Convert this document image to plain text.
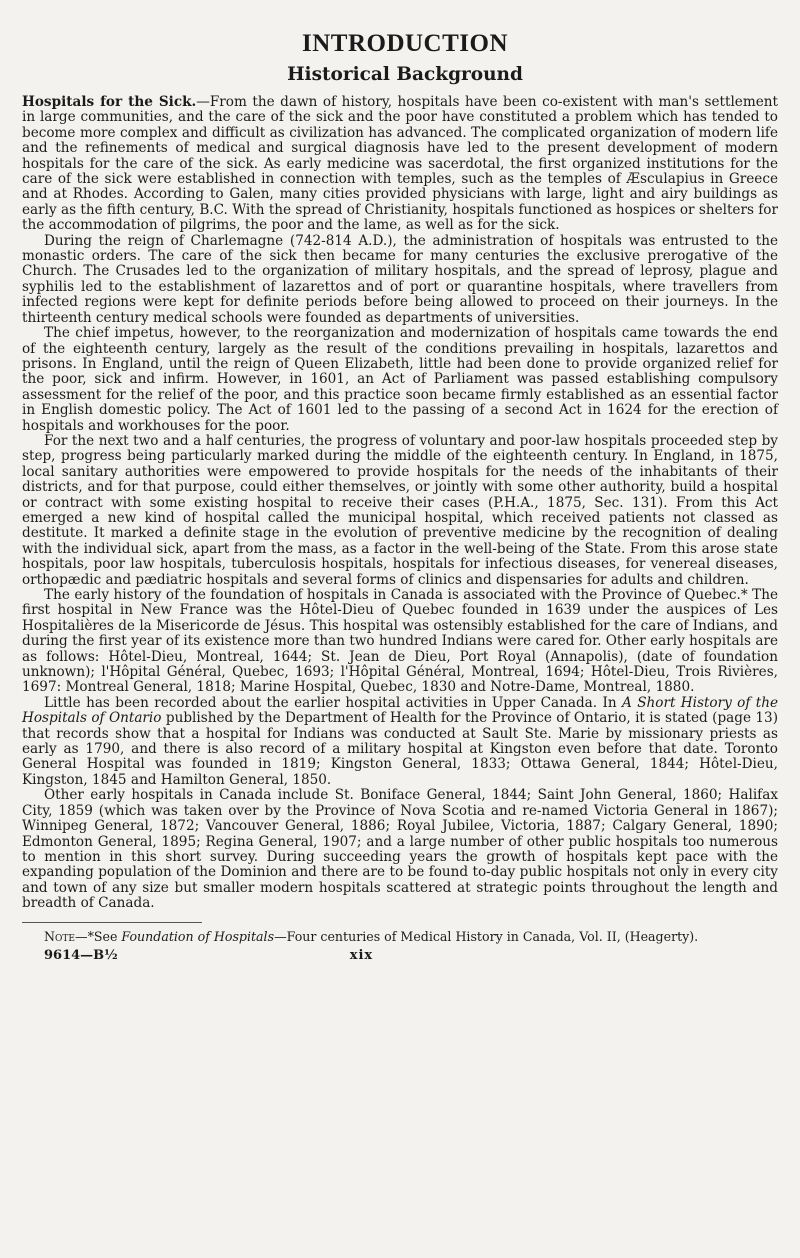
INTRODUCTION
Historical Background

Hospitals for the Sick.—From the dawn of history, hospitals have been co-existent with man's settlement in large communities, and the care of the sick and the poor have constituted a problem which has tended to become more complex and difficult as civilization has advanced. The complicated organization of modern life and the refinements of medical and surgical diagnosis have led to the present development of modern hospitals for the care of the sick. As early medicine was sacerdotal, the first organized institutions for the care of the sick were established in connection with temples, such as the temples of Æsculapius in Greece and at Rhodes. According to Galen, many cities provided physicians with large, light and airy buildings as early as the fifth century, B.C. With the spread of Christianity, hospitals functioned as hospices or shelters for the accommodation of pilgrims, the poor and the lame, as well as for the sick.

During the reign of Charlemagne (742-814 A.D.), the administration of hospitals was entrusted to the monastic orders. The care of the sick then became for many centuries the exclusive prerogative of the Church. The Crusades led to the organization of military hospitals, and the spread of leprosy, plague and syphilis led to the establishment of lazarettos and of port or quarantine hospitals, where travellers from infected regions were kept for definite periods before being allowed to proceed on their journeys. In the thirteenth century medical schools were founded as departments of universities.

The chief impetus, however, to the reorganization and modernization of hospitals came towards the end of the eighteenth century, largely as the result of the conditions prevailing in hospitals, lazarettos and prisons. In England, until the reign of Queen Elizabeth, little had been done to provide organized relief for the poor, sick and infirm. However, in 1601, an Act of Parliament was passed establishing compulsory assessment for the relief of the poor, and this practice soon became firmly established as an essential factor in English domestic policy. The Act of 1601 led to the passing of a second Act in 1624 for the erection of hospitals and workhouses for the poor.

For the next two and a half centuries, the progress of voluntary and poor-law hospitals proceeded step by step, progress being particularly marked during the middle of the eighteenth century. In England, in 1875, local sanitary authorities were empowered to provide hospitals for the needs of the inhabitants of their districts, and for that purpose, could either themselves, or jointly with some other authority, build a hospital or contract with some existing hospital to receive their cases (P.H.A., 1875, Sec. 131). From this Act emerged a new kind of hospital called the municipal hospital, which received patients not classed as destitute. It marked a definite stage in the evolution of preventive medicine by the recognition of dealing with the individual sick, apart from the mass, as a factor in the well-being of the State. From this arose state hospitals, poor law hospitals, tuberculosis hospitals, hospitals for infectious diseases, for venereal diseases, orthopædic and pædiatric hospitals and several forms of clinics and dispensaries for adults and children.

The early history of the foundation of hospitals in Canada is associated with the Province of Quebec.* The first hospital in New France was the Hôtel-Dieu of Quebec founded in 1639 under the auspices of Les Hospitalières de la Misericorde de Jésus. This hospital was ostensibly established for the care of Indians, and during the first year of its existence more than two hundred Indians were cared for. Other early hospitals are as follows: Hôtel-Dieu, Montreal, 1644; St. Jean de Dieu, Port Royal (Annapolis), (date of foundation unknown); l'Hôpital Général, Quebec, 1693; l'Hôpital Général, Montreal, 1694; Hôtel-Dieu, Trois Rivières, 1697: Montreal General, 1818; Marine Hospital, Quebec, 1830 and Notre-Dame, Montreal, 1880.

Little has been recorded about the earlier hospital activities in Upper Canada. In A Short History of the Hospitals of Ontario published by the Department of Health for the Province of Ontario, it is stated (page 13) that records show that a hospital for Indians was conducted at Sault Ste. Marie by missionary priests as early as 1790, and there is also record of a military hospital at Kingston even before that date. Toronto General Hospital was founded in 1819; Kingston General, 1833; Ottawa General, 1844; Hôtel-Dieu, Kingston, 1845 and Hamilton General, 1850.

Other early hospitals in Canada include St. Boniface General, 1844; Saint John General, 1860; Halifax City, 1859 (which was taken over by the Province of Nova Scotia and re-named Victoria General in 1867); Winnipeg General, 1872; Vancouver General, 1886; Royal Jubilee, Victoria, 1887; Calgary General, 1890; Edmonton General, 1895; Regina General, 1907; and a large number of other public hospitals too numerous to mention in this short survey. During succeeding years the growth of hospitals kept pace with the expanding population of the Dominion and there are to be found to-day public hospitals not only in every city and town of any size but smaller modern hospitals scattered at strategic points throughout the length and breadth of Canada.

Note—*See Foundation of Hospitals—Four centuries of Medical History in Canada, Vol. II, (Heagerty).

9614—B½	xix
